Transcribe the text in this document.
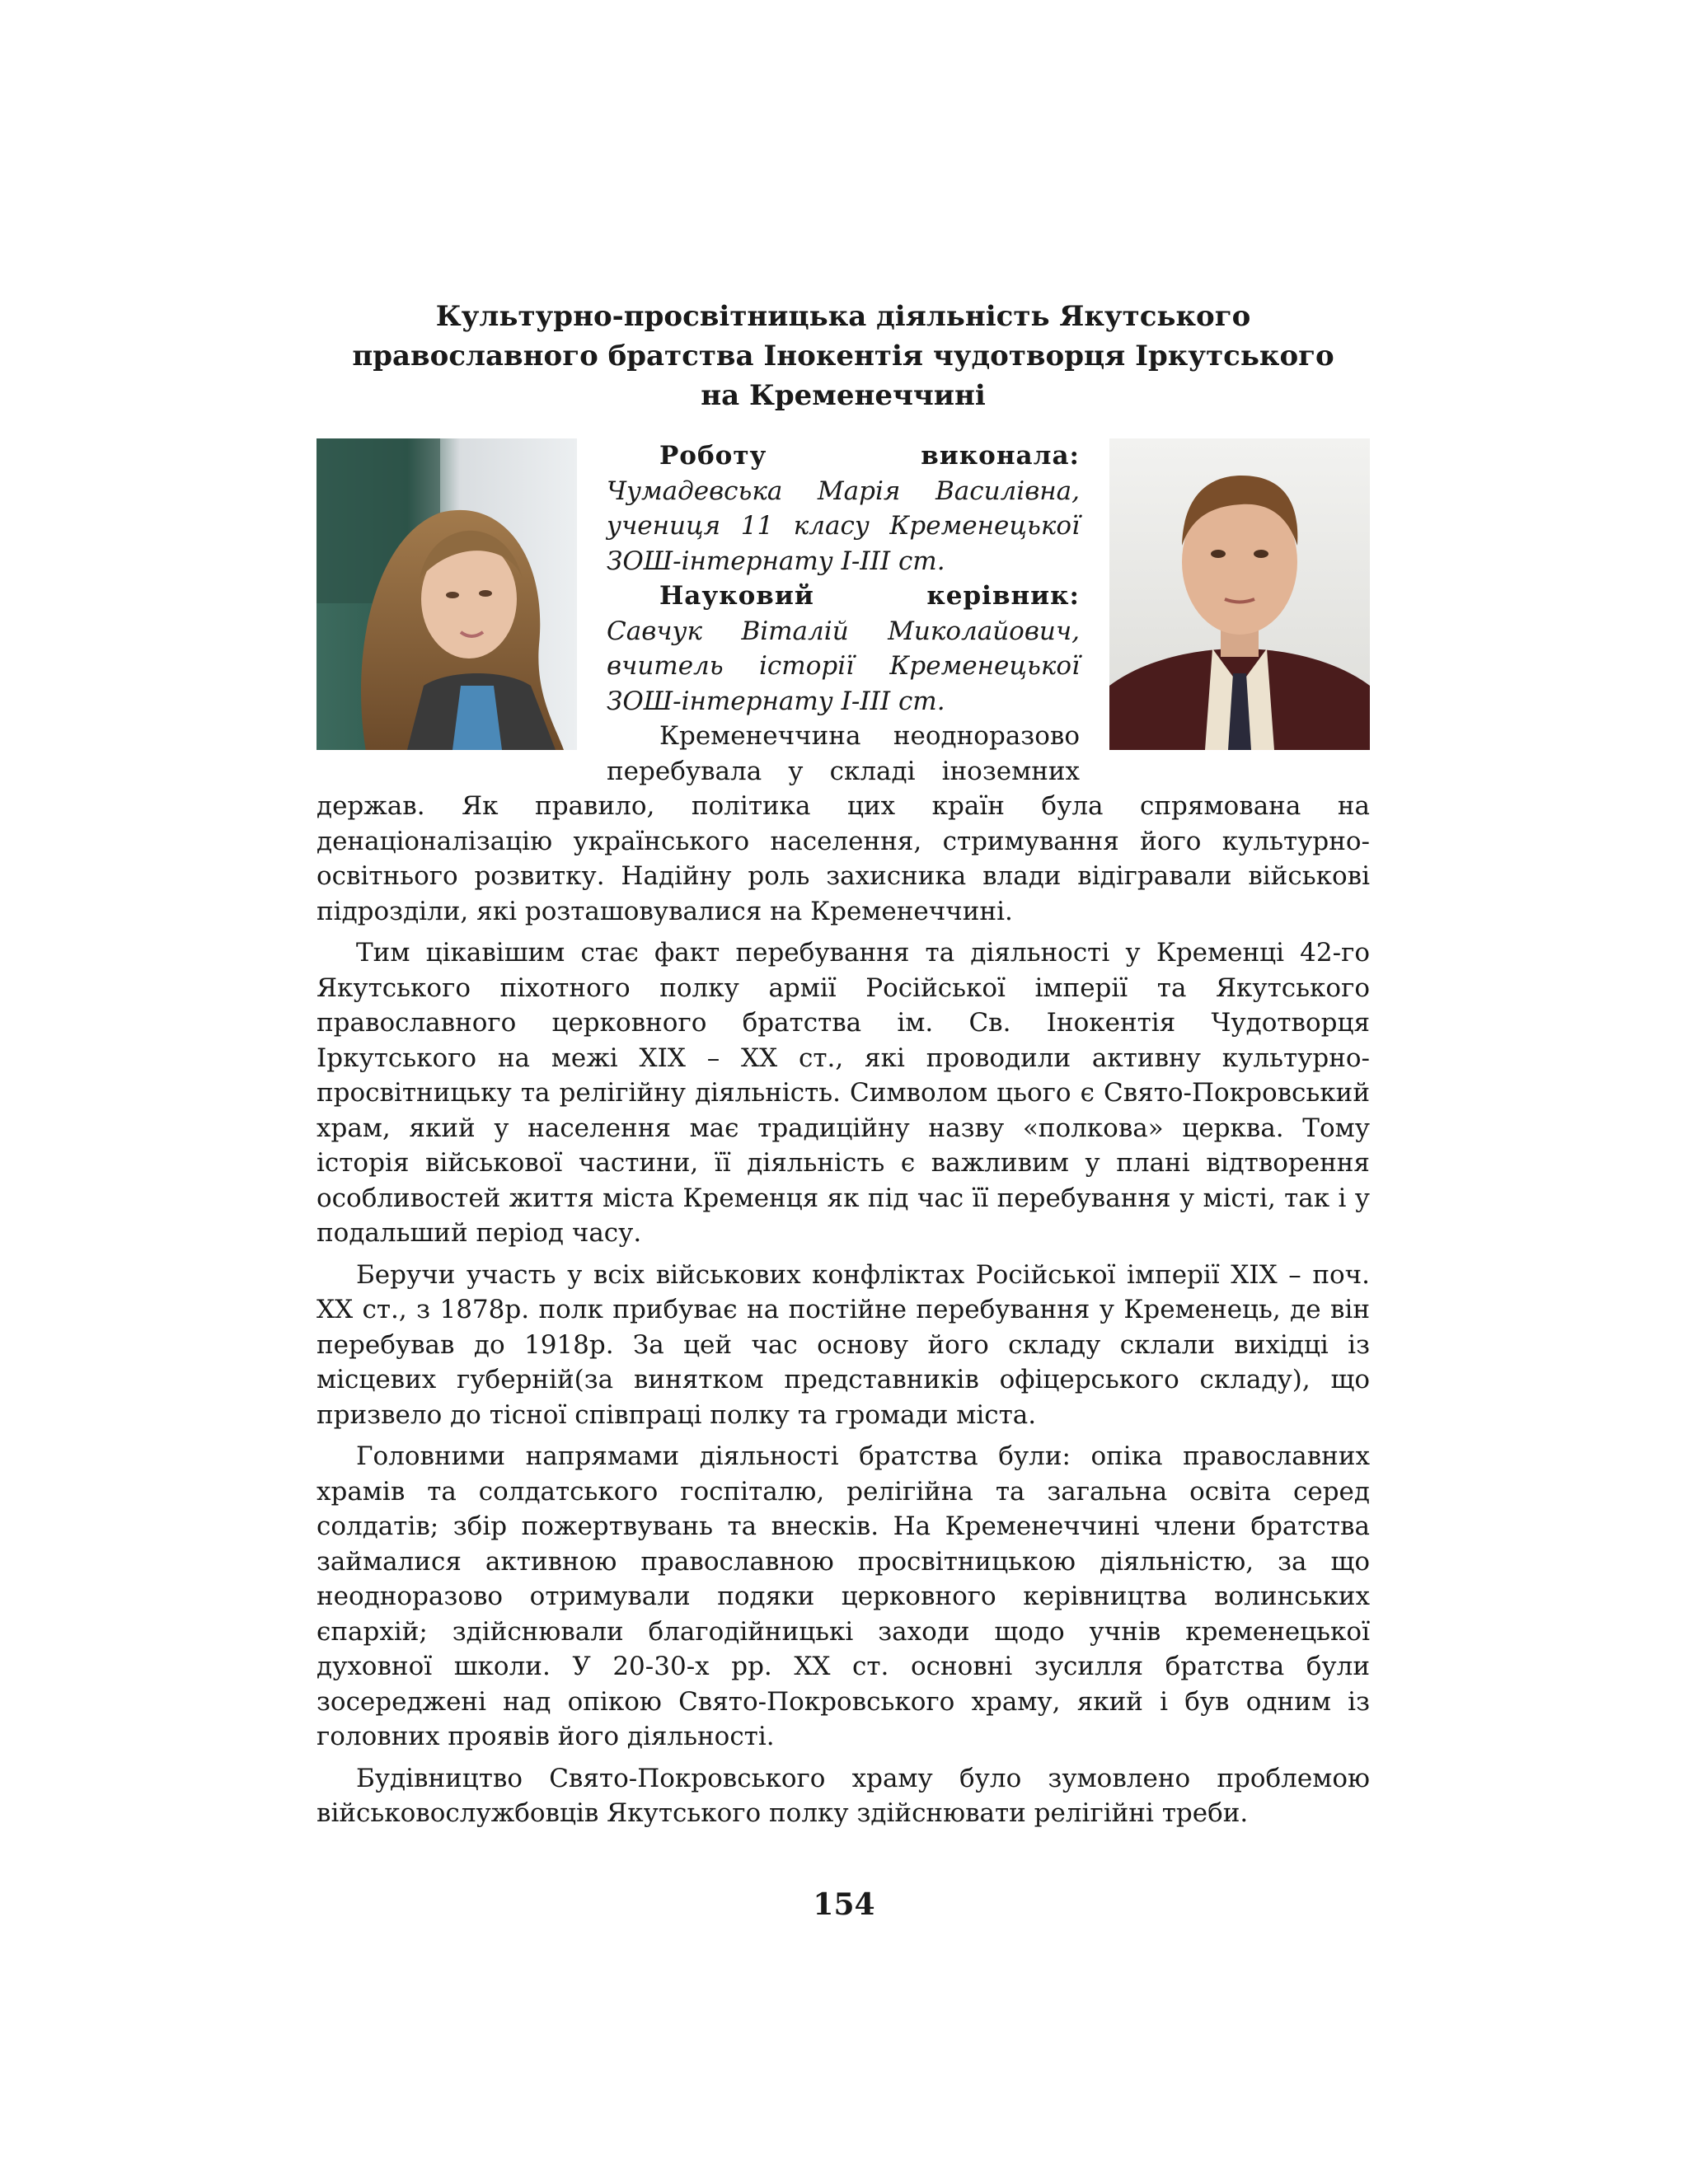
Культурно-просвітницька діяльність Якутського
православного братства Інокентія чудотворця Іркутського
на Кременеччині

Роботу виконала: Чумадевська Марія Василівна, учениця 11 класу Кременецької ЗОШ-інтернату І-ІІІ ст.

Науковий керівник: Савчук Віталій Миколайович, вчитель історії Кременецької ЗОШ-інтернату І-ІІІ ст.

Кременеччина неодноразово перебувала у складі іноземних держав. Як правило, політика цих країн була спрямована на денаціоналізацію українського населення, стримування його культурно-освітнього розвитку. Надійну роль захисника влади відігравали військові підрозділи, які розташовувалися на Кременеччині.

Тим цікавішим стає факт перебування та діяльності у Кременці 42-го Якутського піхотного полку армії Російської імперії та Якутського православного церковного братства ім. Св. Інокентія Чудотворця Іркутського на межі XIX – XX ст., які проводили активну культурно-просвітницьку та релігійну діяльність. Символом цього є Свято-Покровський храм, який у населення має традиційну назву «полкова» церква. Тому історія військової частини, її діяльність є важливим у плані відтворення особливостей життя міста Кременця як під час її перебування у місті, так і у подальший період часу.

Беручи участь у всіх військових конфліктах Російської імперії XIX – поч. XX ст., з 1878р. полк прибуває на постійне перебування у Кременець, де він перебував до 1918р. За цей час основу його складу склали вихідці із місцевих губерній(за винятком представників офіцерського складу), що призвело до тісної співпраці полку та громади міста.

Головними напрямами діяльності братства були: опіка православних храмів та солдатського госпіталю, релігійна та загальна освіта серед солдатів; збір пожертвувань та внесків. На Кременеччині члени братства займалися активною православною просвітницькою діяльністю, за що неодноразово отримували подяки церковного керівництва волинських єпархій; здійснювали благодійницькі заходи щодо учнів кременецької духовної школи. У 20-30-х рр. XX ст. основні зусилля братства були зосереджені над опікою Свято-Покровського храму, який і був одним із головних проявів його діяльності.

Будівництво Свято-Покровського храму було зумовлено проблемою військовослужбовців Якутського полку здійснювати релігійні треби.

154
